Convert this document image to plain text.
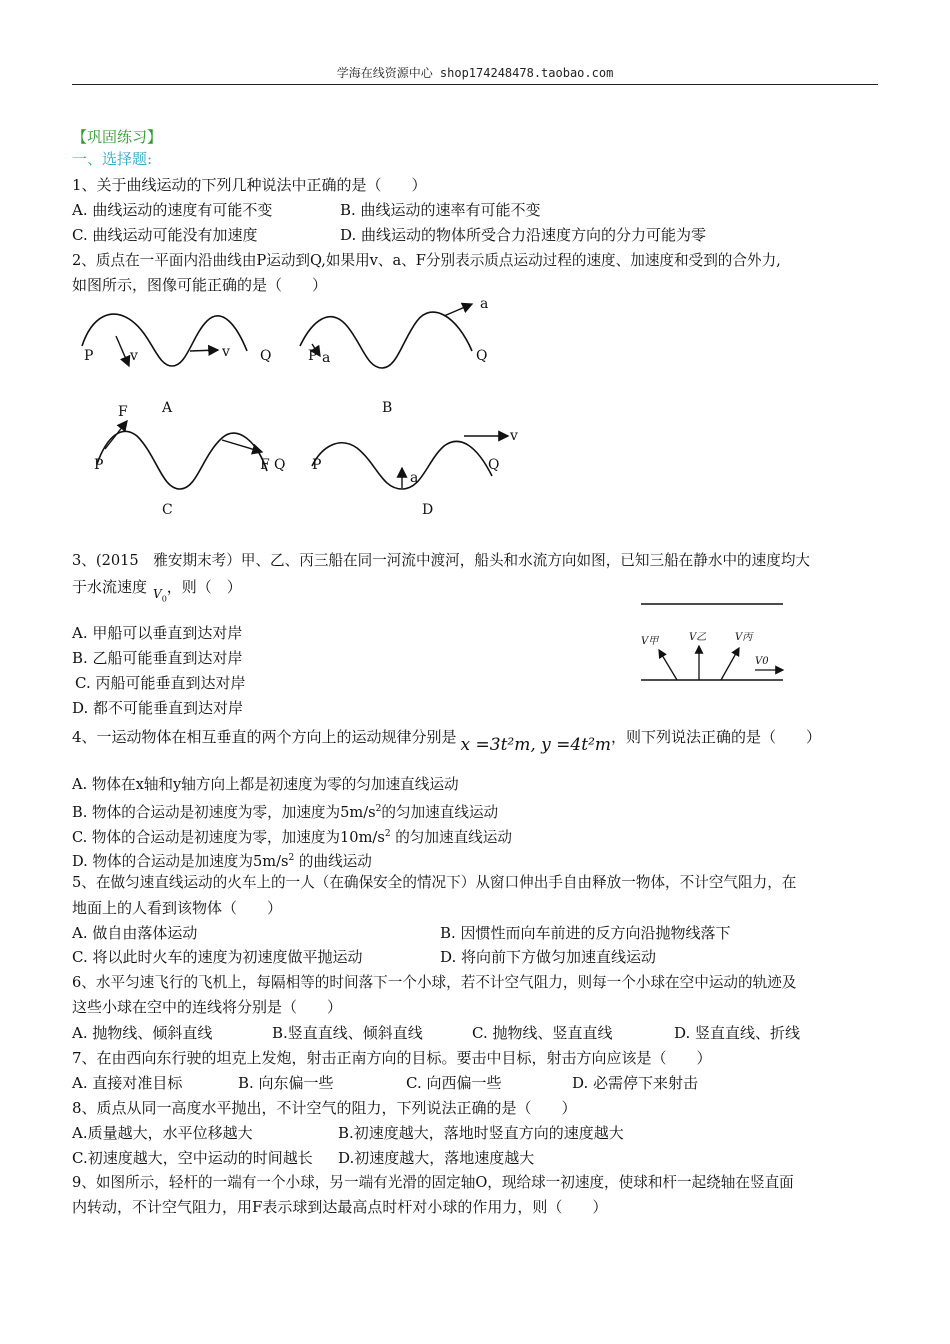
学海在线资源中心 shop174248478.taobao.com
【巩固练习】
一、选择题:
1、关于曲线运动的下列几种说法中正确的是（　　）
A. 曲线运动的速度有可能不变	B. 曲线运动的速率有可能不变
C. 曲线运动可能没有加速度	D. 曲线运动的物体所受合力沿速度方向的分力可能为零
2、质点在一平面内沿曲线由P运动到Q,如果用v、a、F分别表示质点运动过程的速度、加速度和受到的合外力,
如图所示，图像可能正确的是（　　）
P	v	v Q
A
P a
a
Q
B
F
P	F Q
C
P
a
Q
v
D
3、(2015　雅安期末考）甲、乙、丙三船在同一河流中渡河，船头和水流方向如图，已知三船在静水中的速度均大
于水流速度 $_{V_0}$，则（　）
A. 甲船可以垂直到达对岸
B. 乙船可能垂直到达对岸
C. 丙船可能垂直到达对岸
D. 都不可能垂直到达对岸
V甲	V乙	V丙
V0
4、一运动物体在相互垂直的两个方向上的运动规律分别是 x =3t²m, y =4t²m，则下列说法正确的是（　　）
A. 物体在x轴和y轴方向上都是初速度为零的匀加速直线运动
B. 物体的合运动是初速度为零，加速度为$5m/s^2$的匀加速直线运动
C. 物体的合运动是初速度为零，加速度为$10m/s^2$ 的匀加速直线运动
D. 物体的合运动是加速度为$5m/s^2$ 的曲线运动
5、在做匀速直线运动的火车上的一人（在确保安全的情况下）从窗口伸出手自由释放一物体，不计空气阻力，在
地面上的人看到该物体（　　）
A. 做自由落体运动	B. 因惯性而向车前进的反方向沿抛物线落下
C. 将以此时火车的速度为初速度做平抛运动	D. 将向前下方做匀加速直线运动
6、水平匀速飞行的飞机上，每隔相等的时间落下一个小球，若不计空气阻力，则每一个小球在空中运动的轨迹及
这些小球在空中的连线将分别是（　　）
A. 抛物线、倾斜直线	B.竖直直线、倾斜直线	C. 抛物线、竖直直线	D. 竖直直线、折线
7、在由西向东行驶的坦克上发炮，射击正南方向的目标。要击中目标，射击方向应该是（　　）
A. 直接对准目标	B. 向东偏一些	C. 向西偏一些	D. 必需停下来射击
8、质点从同一高度水平抛出，不计空气的阻力，下列说法正确的是（　　）
A.质量越大，水平位移越大	B.初速度越大，落地时竖直方向的速度越大
C.初速度越大，空中运动的时间越长 D.初速度越大，落地速度越大
9、如图所示，轻杆的一端有一个小球，另一端有光滑的固定轴O，现给球一初速度，使球和杆一起绕轴在竖直面
内转动，不计空气阻力，用F表示球到达最高点时杆对小球的作用力，则（　　）
